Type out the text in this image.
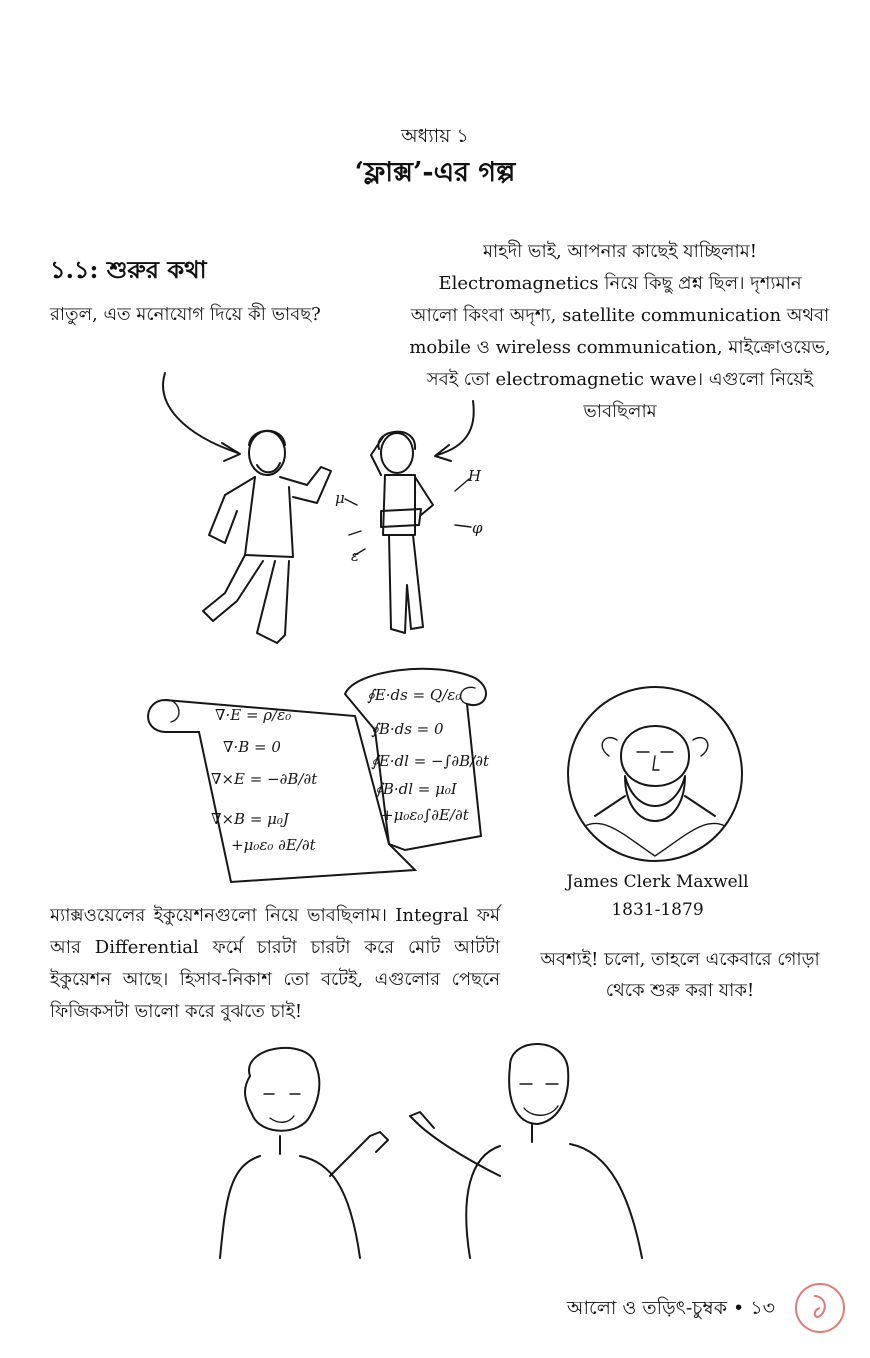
অধ্যায় ১
‘ফ্লাক্স’-এর গল্প
১.১: শুরুর কথা
রাতুল, এত মনোযোগ দিয়ে কী ভাবছ?
মাহদী ভাই, আপনার কাছেই যাচ্ছিলাম!
Electromagnetics নিয়ে কিছু প্রশ্ন ছিল। দৃশ্যমান
আলো কিংবা অদৃশ্য, satellite communication অথবা
mobile ও wireless communication, মাইক্রোওয়েভ,
সবই তো electromagnetic wave। এগুলো নিয়েই
ভাবছিলাম
μ
H
φ
ε
∇·E = ρ/ε₀
∇·B = 0
∇×E = −∂B/∂t
∇×B = μ₀J
+μ₀ε₀ ∂E/∂t
∮E·ds = Q/ε₀
∮B·ds = 0
∮E·dl = −∫∂B/∂t
∮B·dl = μ₀I
+μ₀ε₀∫∂E/∂t
James Clerk Maxwell
1831-1879
ম্যাক্সওয়েলের ইকুয়েশনগুলো নিয়ে ভাবছিলাম। Integral ফর্ম আর Differential ফর্মে চারটা চারটা করে মোট আটটা ইকুয়েশন আছে। হিসাব-নিকাশ তো বটেই, এগুলোর পেছনে ফিজিকসটা ভালো করে বুঝতে চাই!
অবশ্যই! চলো, তাহলে একেবারে গোড়া
থেকে শুরু করা যাক!
আলো ও তড়িৎ-চুম্বক • ১৩
